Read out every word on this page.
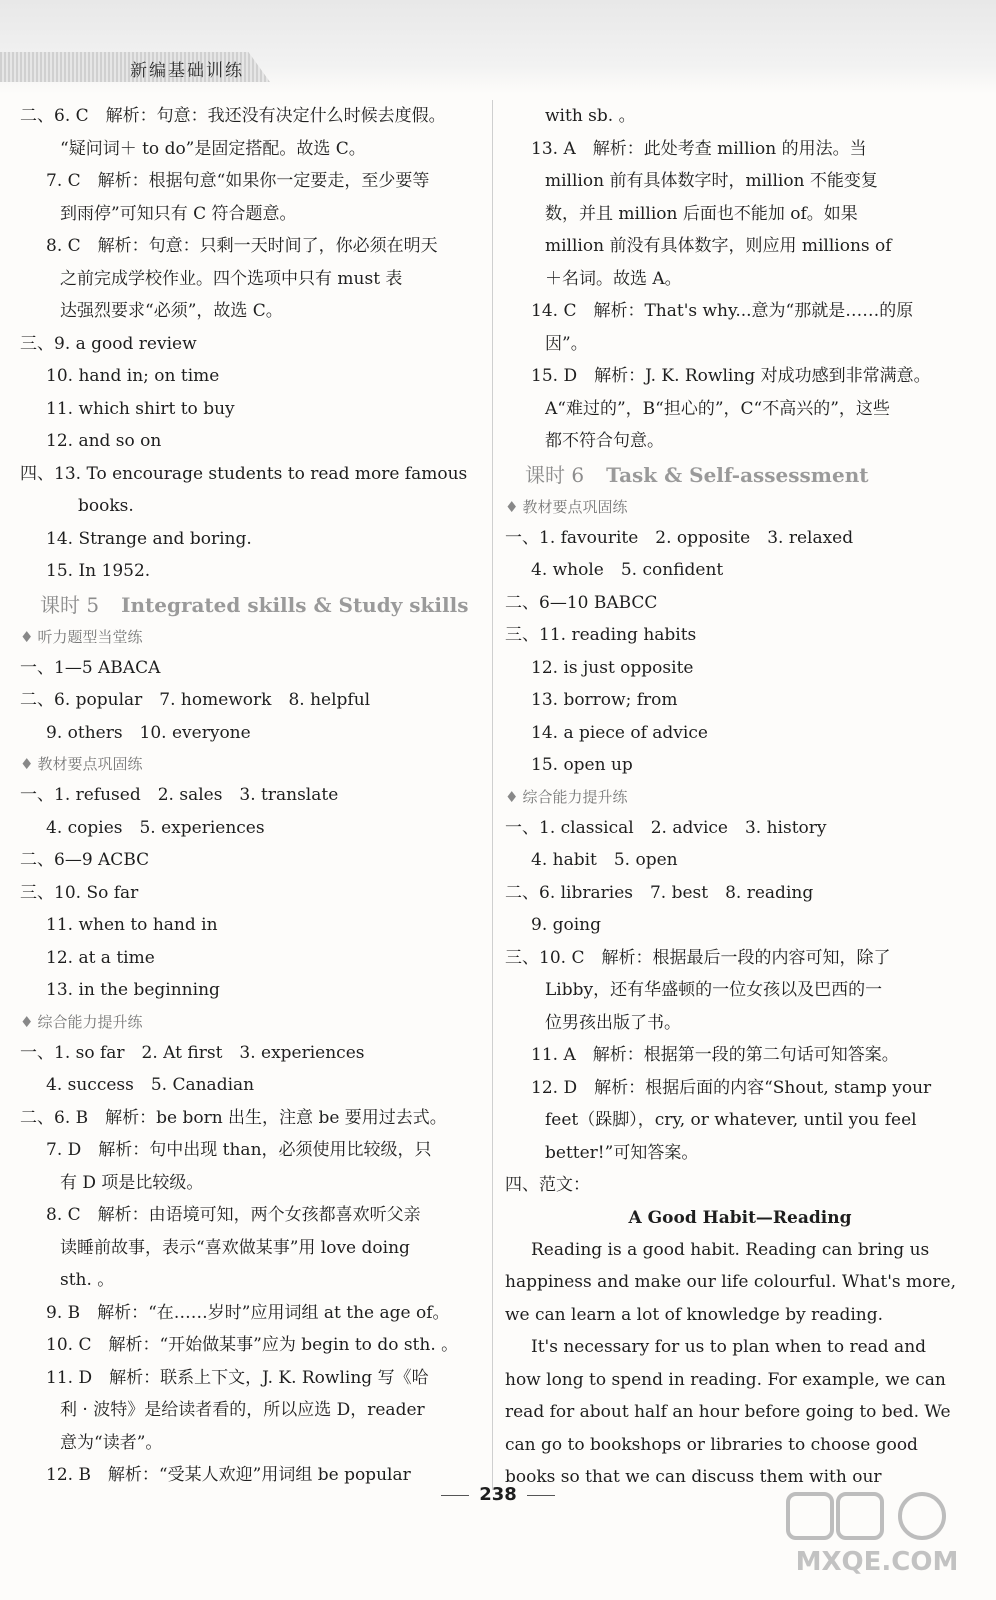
新编基础训练
二、6. C　解析：句意：我还没有决定什么时候去度假。
“疑问词＋ to do”是固定搭配。故选 C。
7. C　解析：根据句意“如果你一定要走，至少要等
到雨停”可知只有 C 符合题意。
8. C　解析：句意：只剩一天时间了，你必须在明天
之前完成学校作业。四个选项中只有 must 表
达强烈要求“必须”，故选 C。
三、9. a good review
10. hand in; on time
11. which shirt to buy
12. and so on
四、13. To encourage students to read more famous
books.
14. Strange and boring.
15. In 1952.
课时 5 Integrated skills & Study skills
♦ 听力题型当堂练
一、1—5 ABACA
二、6. popular　7. homework　8. helpful
9. others　10. everyone
♦ 教材要点巩固练
一、1. refused　2. sales　3. translate
4. copies　5. experiences
二、6—9 ACBC
三、10. So far
11. when to hand in
12. at a time
13. in the beginning
♦ 综合能力提升练
一、1. so far　2. At first　3. experiences
4. success　5. Canadian
二、6. B　解析：be born 出生，注意 be 要用过去式。
7. D　解析：句中出现 than，必须使用比较级，只
有 D 项是比较级。
8. C　解析：由语境可知，两个女孩都喜欢听父亲
读睡前故事，表示“喜欢做某事”用 love doing
sth. 。
9. B　解析：“在……岁时”应用词组 at the age of。
10. C　解析：“开始做某事”应为 begin to do sth. 。
11. D　解析：联系上下文，J. K. Rowling 写《哈
利 · 波特》是给读者看的，所以应选 D，reader
意为“读者”。
12. B　解析：“受某人欢迎”用词组 be popular
with sb. 。
13. A　解析：此处考查 million 的用法。当
million 前有具体数字时，million 不能变复
数，并且 million 后面也不能加 of。如果
million 前没有具体数字，则应用 millions of
＋名词。故选 A。
14. C　解析：That's why...意为“那就是……的原
因”。
15. D　解析：J. K. Rowling 对成功感到非常满意。
A“难过的”，B“担心的”，C“不高兴的”，这些
都不符合句意。
课时 6 Task & Self-assessment
♦ 教材要点巩固练
一、1. favourite　2. opposite　3. relaxed
4. whole　5. confident
二、6—10 BABCC
三、11. reading habits
12. is just opposite
13. borrow; from
14. a piece of advice
15. open up
♦ 综合能力提升练
一、1. classical　2. advice　3. history
4. habit　5. open
二、6. libraries　7. best　8. reading
9. going
三、10. C　解析：根据最后一段的内容可知，除了
Libby，还有华盛顿的一位女孩以及巴西的一
位男孩出版了书。
11. A　解析：根据第一段的第二句话可知答案。
12. D　解析：根据后面的内容“Shout, stamp your
feet（跺脚），cry, or whatever, until you feel
better!”可知答案。
四、范文：
A Good Habit—Reading
Reading is a good habit. Reading can bring us
happiness and make our life colourful. What's more,
we can learn a lot of knowledge by reading.
It's necessary for us to plan when to read and
how long to spend in reading. For example, we can
read for about half an hour before going to bed. We
can go to bookshops or libraries to choose good
books so that we can discuss them with our
238
MXQE.COM
